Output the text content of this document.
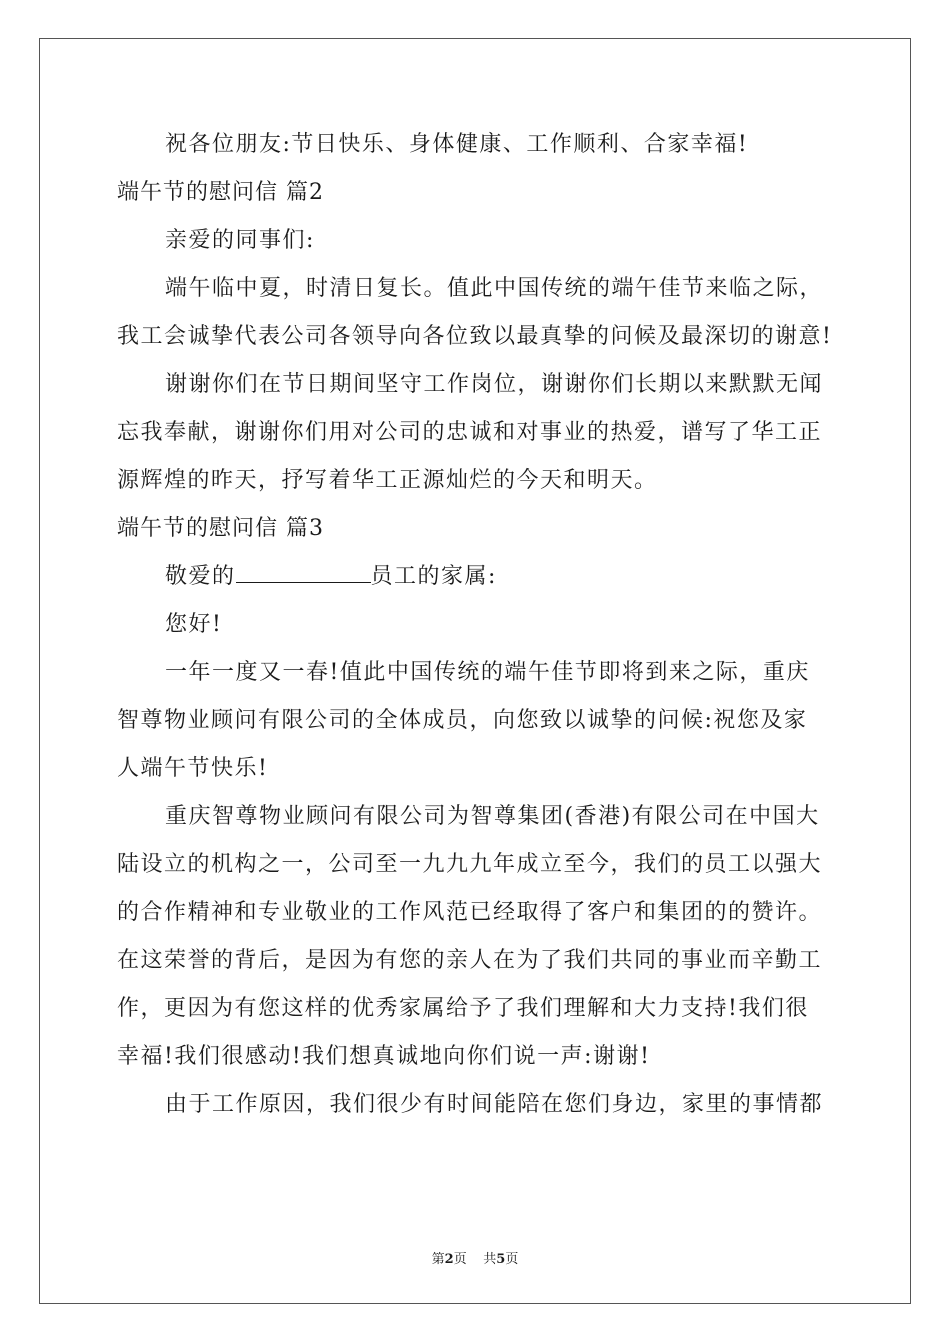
祝各位朋友:节日快乐、身体健康、工作顺利、合家幸福!

端午节的慰问信 篇2

亲爱的同事们:

端午临中夏，时清日复长。值此中国传统的端午佳节来临之际，

我工会诚挚代表公司各领导向各位致以最真挚的问候及最深切的谢意!

谢谢你们在节日期间坚守工作岗位，谢谢你们长期以来默默无闻

忘我奉献，谢谢你们用对公司的忠诚和对事业的热爱，谱写了华工正

源辉煌的昨天，抒写着华工正源灿烂的今天和明天。

端午节的慰问信 篇3

敬爱的	员工的家属:

您好!

一年一度又一春!值此中国传统的端午佳节即将到来之际，重庆

智尊物业顾问有限公司的全体成员，向您致以诚挚的问候:祝您及家

人端午节快乐!

重庆智尊物业顾问有限公司为智尊集团(香港)有限公司在中国大

陆设立的机构之一，公司至一九九九年成立至今，我们的员工以强大

的合作精神和专业敬业的工作风范已经取得了客户和集团的的赞许。

在这荣誉的背后，是因为有您的亲人在为了我们共同的事业而辛勤工

作，更因为有您这样的优秀家属给予了我们理解和大力支持!我们很

幸福!我们很感动!我们想真诚地向你们说一声:谢谢!

由于工作原因，我们很少有时间能陪在您们身边，家里的事情都

第2页 共5页
